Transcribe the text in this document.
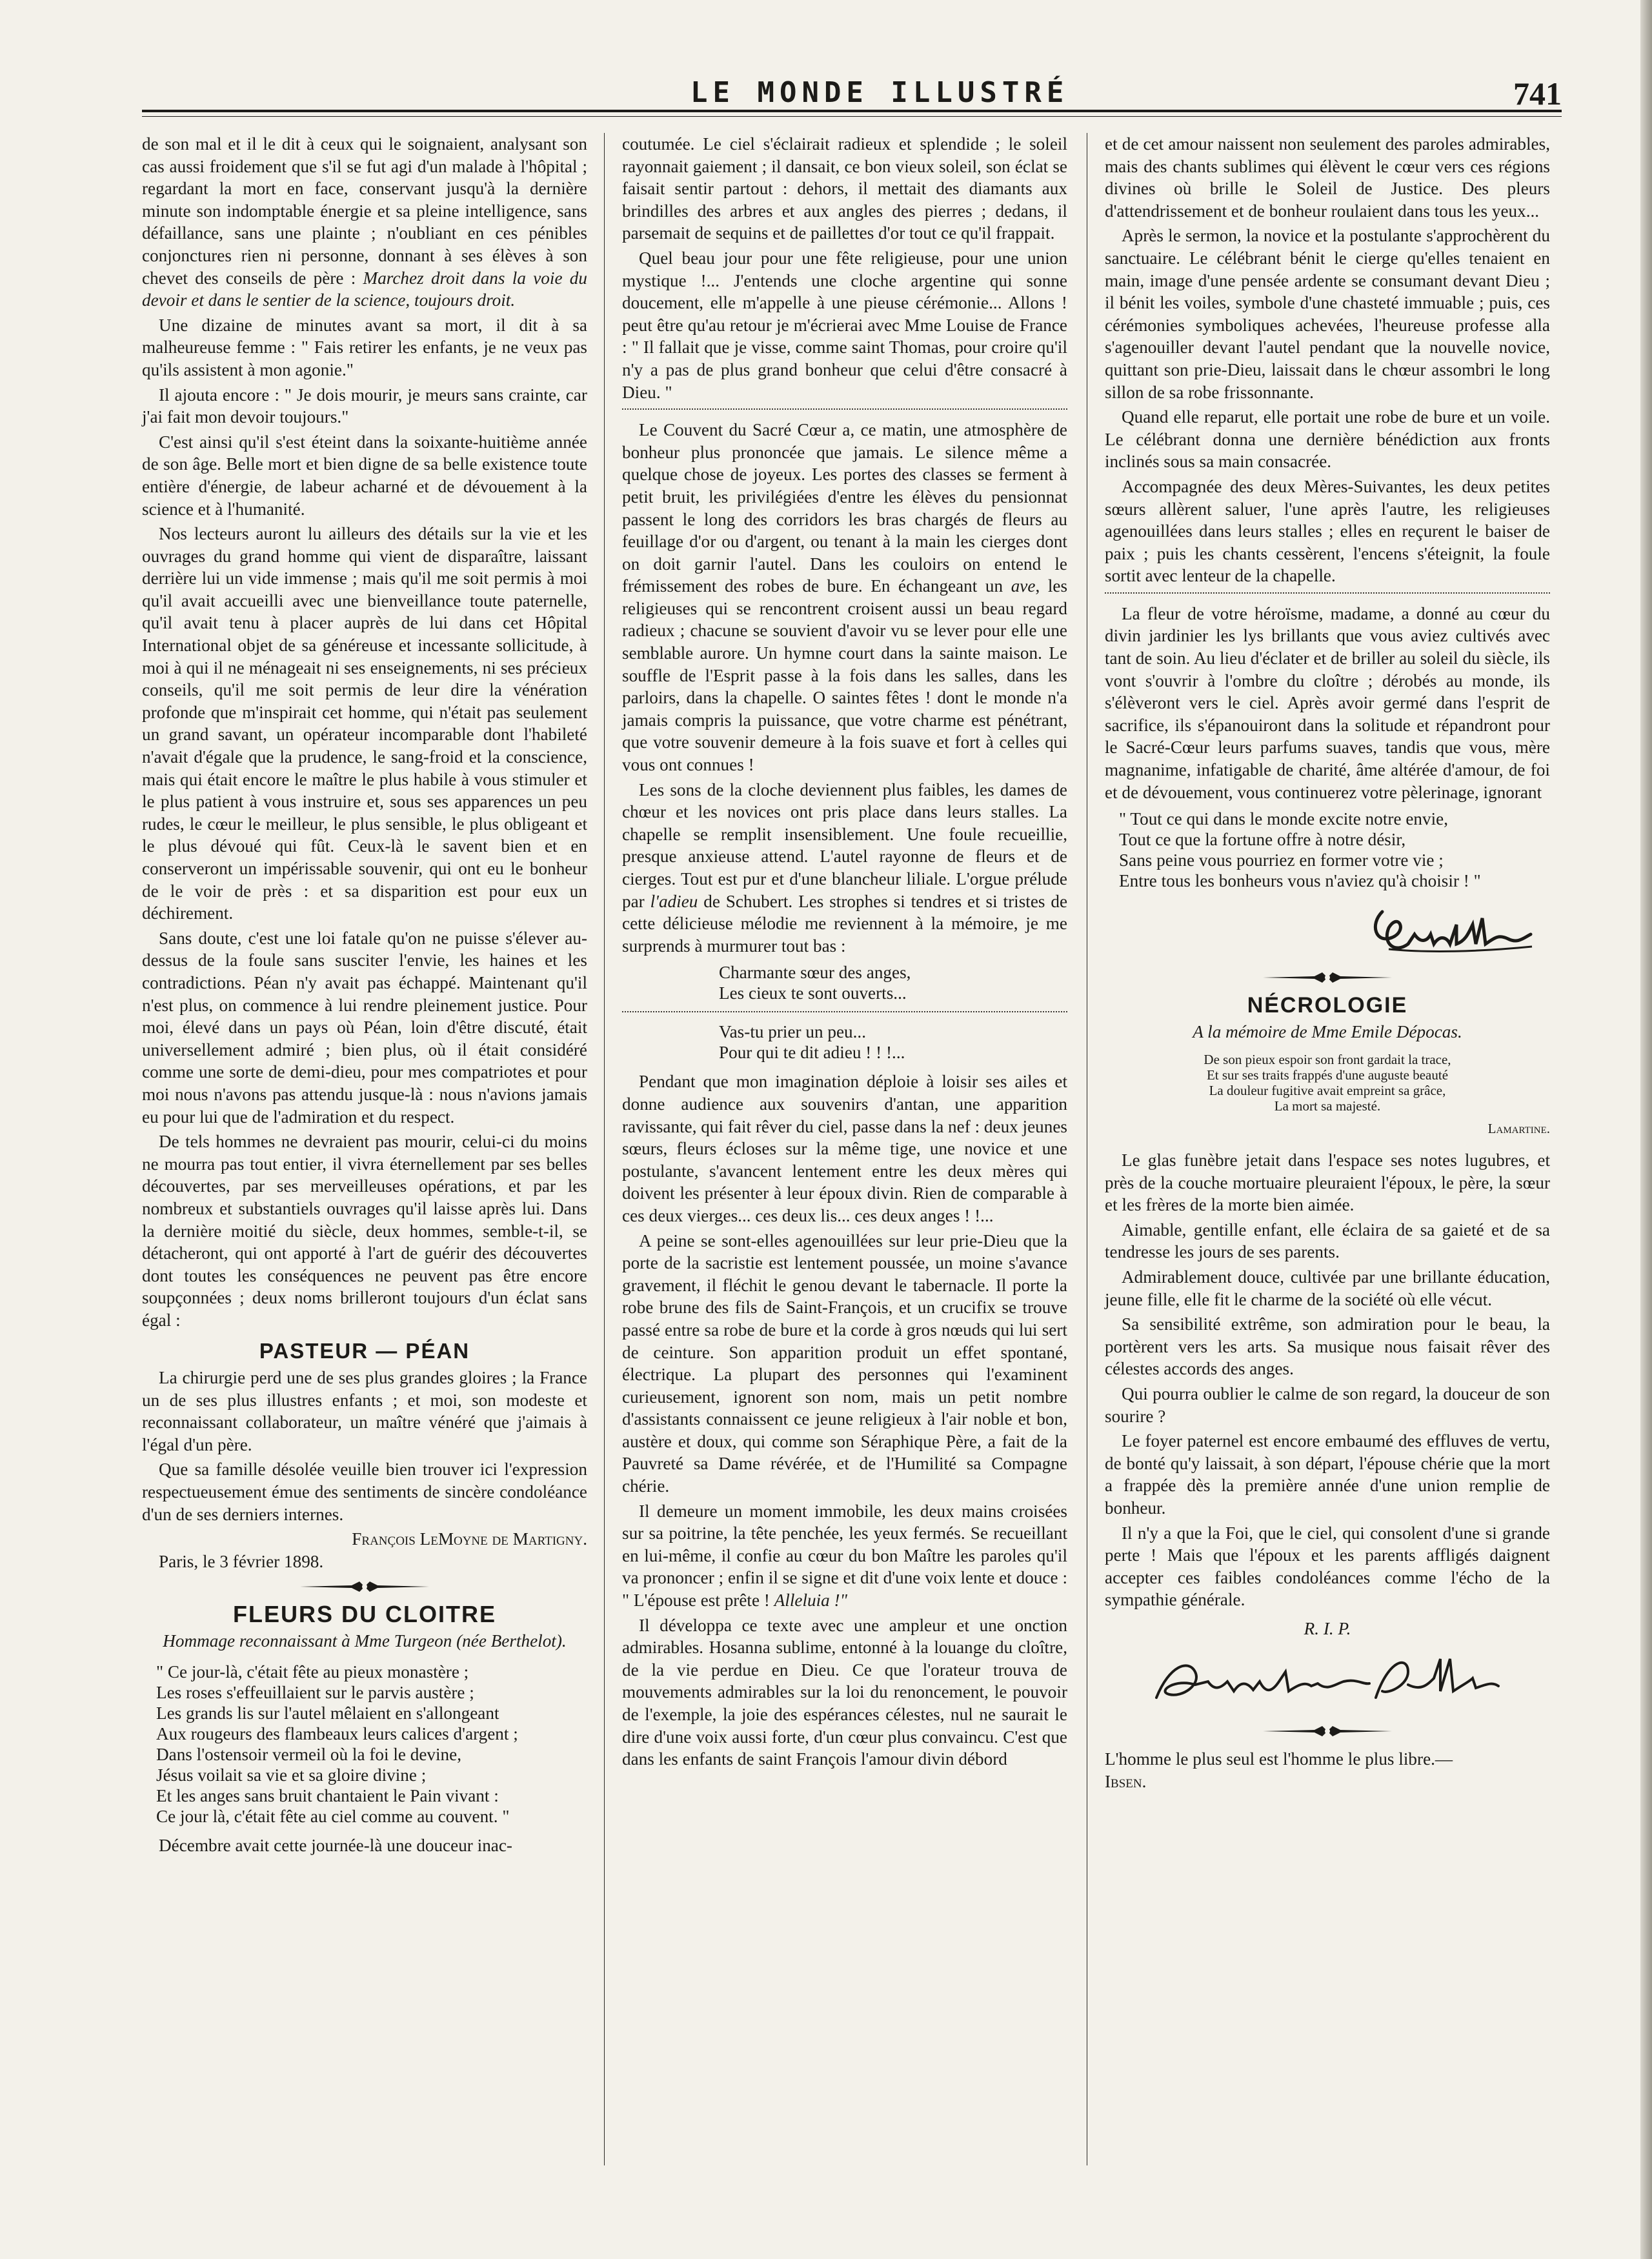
LE MONDE ILLUSTRÉ	741

de son mal et il le dit à ceux qui le soignaient, analysant son cas aussi froidement que s'il se fut agi d'un malade à l'hôpital ; regardant la mort en face, conservant jusqu'à la dernière minute son indomptable énergie et sa pleine intelligence, sans défaillance, sans une plainte ; n'oubliant en ces pénibles conjonctures rien ni personne, donnant à ses élèves à son chevet des conseils de père : Marchez droit dans la voie du devoir et dans le sentier de la science, toujours droit.

Une dizaine de minutes avant sa mort, il dit à sa malheureuse femme : " Fais retirer les enfants, je ne veux pas qu'ils assistent à mon agonie."

Il ajouta encore : " Je dois mourir, je meurs sans crainte, car j'ai fait mon devoir toujours."

C'est ainsi qu'il s'est éteint dans la soixante-huitième année de son âge. Belle mort et bien digne de sa belle existence toute entière d'énergie, de labeur acharné et de dévouement à la science et à l'humanité.

Nos lecteurs auront lu ailleurs des détails sur la vie et les ouvrages du grand homme qui vient de disparaître, laissant derrière lui un vide immense ; mais qu'il me soit permis à moi qu'il avait accueilli avec une bienveillance toute paternelle, qu'il avait tenu à placer auprès de lui dans cet Hôpital International objet de sa généreuse et incessante sollicitude, à moi à qui il ne ménageait ni ses enseignements, ni ses précieux conseils, qu'il me soit permis de leur dire la vénération profonde que m'inspirait cet homme, qui n'était pas seulement un grand savant, un opérateur incomparable dont l'habileté n'avait d'égale que la prudence, le sang-froid et la conscience, mais qui était encore le maître le plus habile à vous stimuler et le plus patient à vous instruire et, sous ses apparences un peu rudes, le cœur le meilleur, le plus sensible, le plus obligeant et le plus dévoué qui fût. Ceux-là le savent bien et en conserveront un impérissable souvenir, qui ont eu le bonheur de le voir de près : et sa disparition est pour eux un déchirement.

Sans doute, c'est une loi fatale qu'on ne puisse s'élever au-dessus de la foule sans susciter l'envie, les haines et les contradictions. Péan n'y avait pas échappé. Maintenant qu'il n'est plus, on commence à lui rendre pleinement justice. Pour moi, élevé dans un pays où Péan, loin d'être discuté, était universellement admiré ; bien plus, où il était considéré comme une sorte de demi-dieu, pour mes compatriotes et pour moi nous n'avons pas attendu jusque-là : nous n'avions jamais eu pour lui que de l'admiration et du respect.

De tels hommes ne devraient pas mourir, celui-ci du moins ne mourra pas tout entier, il vivra éternellement par ses belles découvertes, par ses merveilleuses opérations, et par les nombreux et substantiels ouvrages qu'il laisse après lui. Dans la dernière moitié du siècle, deux hommes, semble-t-il, se détacheront, qui ont apporté à l'art de guérir des découvertes dont toutes les conséquences ne peuvent pas être encore soupçonnées ; deux noms brilleront toujours d'un éclat sans égal :

PASTEUR — PÉAN

La chirurgie perd une de ses plus grandes gloires ; la France un de ses plus illustres enfants ; et moi, son modeste et reconnaissant collaborateur, un maître vénéré que j'aimais à l'égal d'un père.

Que sa famille désolée veuille bien trouver ici l'expression respectueusement émue des sentiments de sincère condoléance d'un de ses derniers internes.

François LeMoyne de Martigny.

Paris, le 3 février 1898.

FLEURS DU CLOITRE
Hommage reconnaissant à Mme Turgeon (née Berthelot).
" Ce jour-là, c'était fête au pieux monastère ;
Les roses s'effeuillaient sur le parvis austère ;
Les grands lis sur l'autel mêlaient en s'allongeant
Aux rougeurs des flambeaux leurs calices d'argent ;
Dans l'ostensoir vermeil où la foi le devine,
Jésus voilait sa vie et sa gloire divine ;
Et les anges sans bruit chantaient le Pain vivant :
Ce jour là, c'était fête au ciel comme au couvent. "

Décembre avait cette journée-là une douceur inac-

coutumée. Le ciel s'éclairait radieux et splendide ; le soleil rayonnait gaiement ; il dansait, ce bon vieux soleil, son éclat se faisait sentir partout : dehors, il mettait des diamants aux brindilles des arbres et aux angles des pierres ; dedans, il parsemait de sequins et de paillettes d'or tout ce qu'il frappait.

Quel beau jour pour une fête religieuse, pour une union mystique !... J'entends une cloche argentine qui sonne doucement, elle m'appelle à une pieuse cérémonie... Allons ! peut être qu'au retour je m'écrierai avec Mme Louise de France : " Il fallait que je visse, comme saint Thomas, pour croire qu'il n'y a pas de plus grand bonheur que celui d'être consacré à Dieu. "

Le Couvent du Sacré Cœur a, ce matin, une atmosphère de bonheur plus prononcée que jamais. Le silence même a quelque chose de joyeux. Les portes des classes se ferment à petit bruit, les privilégiées d'entre les élèves du pensionnat passent le long des corridors les bras chargés de fleurs au feuillage d'or ou d'argent, ou tenant à la main les cierges dont on doit garnir l'autel. Dans les couloirs on entend le frémissement des robes de bure. En échangeant un ave, les religieuses qui se rencontrent croisent aussi un beau regard radieux ; chacune se souvient d'avoir vu se lever pour elle une semblable aurore. Un hymne court dans la sainte maison. Le souffle de l'Esprit passe à la fois dans les salles, dans les parloirs, dans la chapelle. O saintes fêtes ! dont le monde n'a jamais compris la puissance, que votre charme est pénétrant, que votre souvenir demeure à la fois suave et fort à celles qui vous ont connues !

Les sons de la cloche deviennent plus faibles, les dames de chœur et les novices ont pris place dans leurs stalles. La chapelle se remplit insensiblement. Une foule recueillie, presque anxieuse attend. L'autel rayonne de fleurs et de cierges. Tout est pur et d'une blancheur liliale. L'orgue prélude par l'adieu de Schubert. Les strophes si tendres et si tristes de cette délicieuse mélodie me reviennent à la mémoire, je me surprends à murmurer tout bas :

Charmante sœur des anges,
Les cieux te sont ouverts...
Vas-tu prier un peu...
Pour qui te dit adieu ! ! !...

Pendant que mon imagination déploie à loisir ses ailes et donne audience aux souvenirs d'antan, une apparition ravissante, qui fait rêver du ciel, passe dans la nef : deux jeunes sœurs, fleurs écloses sur la même tige, une novice et une postulante, s'avancent lentement entre les deux mères qui doivent les présenter à leur époux divin. Rien de comparable à ces deux vierges... ces deux lis... ces deux anges ! !...

A peine se sont-elles agenouillées sur leur prie-Dieu que la porte de la sacristie est lentement poussée, un moine s'avance gravement, il fléchit le genou devant le tabernacle. Il porte la robe brune des fils de Saint-François, et un crucifix se trouve passé entre sa robe de bure et la corde à gros nœuds qui lui sert de ceinture. Son apparition produit un effet spontané, électrique. La plupart des personnes qui l'examinent curieusement, ignorent son nom, mais un petit nombre d'assistants connaissent ce jeune religieux à l'air noble et bon, austère et doux, qui comme son Séraphique Père, a fait de la Pauvreté sa Dame révérée, et de l'Humilité sa Compagne chérie.

Il demeure un moment immobile, les deux mains croisées sur sa poitrine, la tête penchée, les yeux fermés. Se recueillant en lui-même, il confie au cœur du bon Maître les paroles qu'il va prononcer ; enfin il se signe et dit d'une voix lente et douce : " L'épouse est prête ! Alleluia !"

Il développa ce texte avec une ampleur et une onction admirables. Hosanna sublime, entonné à la louange du cloître, de la vie perdue en Dieu. Ce que l'orateur trouva de mouvements admirables sur la loi du renoncement, le pouvoir de l'exemple, la joie des espérances célestes, nul ne saurait le dire d'une voix aussi forte, d'un cœur plus convaincu. C'est que dans les enfants de saint François l'amour divin débord

et de cet amour naissent non seulement des paroles admirables, mais des chants sublimes qui élèvent le cœur vers ces régions divines où brille le Soleil de Justice. Des pleurs d'attendrissement et de bonheur roulaient dans tous les yeux...

Après le sermon, la novice et la postulante s'approchèrent du sanctuaire. Le célébrant bénit le cierge qu'elles tenaient en main, image d'une pensée ardente se consumant devant Dieu ; il bénit les voiles, symbole d'une chasteté immuable ; puis, ces cérémonies symboliques achevées, l'heureuse professe alla s'agenouiller devant l'autel pendant que la nouvelle novice, quittant son prie-Dieu, laissait dans le chœur assombri le long sillon de sa robe frissonnante.

Quand elle reparut, elle portait une robe de bure et un voile. Le célébrant donna une dernière bénédiction aux fronts inclinés sous sa main consacrée.

Accompagnée des deux Mères-Suivantes, les deux petites sœurs allèrent saluer, l'une après l'autre, les religieuses agenouillées dans leurs stalles ; elles en reçurent le baiser de paix ; puis les chants cessèrent, l'encens s'éteignit, la foule sortit avec lenteur de la chapelle.

La fleur de votre héroïsme, madame, a donné au cœur du divin jardinier les lys brillants que vous aviez cultivés avec tant de soin. Au lieu d'éclater et de briller au soleil du siècle, ils vont s'ouvrir à l'ombre du cloître ; dérobés au monde, ils s'élèveront vers le ciel. Après avoir germé dans l'esprit de sacrifice, ils s'épanouiront dans la solitude et répandront pour le Sacré-Cœur leurs parfums suaves, tandis que vous, mère magnanime, infatigable de charité, âme altérée d'amour, de foi et de dévouement, vous continuerez votre pèlerinage, ignorant

" Tout ce qui dans le monde excite notre envie,
Tout ce que la fortune offre à notre désir,
Sans peine vous pourriez en former votre vie ;
Entre tous les bonheurs vous n'aviez qu'à choisir ! "
NÉCROLOGIE
A la mémoire de Mme Emile Dépocas.
De son pieux espoir son front gardait la trace,
Et sur ses traits frappés d'une auguste beauté
La douleur fugitive avait empreint sa grâce,
La mort sa majesté.
Lamartine.

Le glas funèbre jetait dans l'espace ses notes lugubres, et près de la couche mortuaire pleuraient l'époux, le père, la sœur et les frères de la morte bien aimée.

Aimable, gentille enfant, elle éclaira de sa gaieté et de sa tendresse les jours de ses parents.

Admirablement douce, cultivée par une brillante éducation, jeune fille, elle fit le charme de la société où elle vécut.

Sa sensibilité extrême, son admiration pour le beau, la portèrent vers les arts. Sa musique nous faisait rêver des célestes accords des anges.

Qui pourra oublier le calme de son regard, la douceur de son sourire ?

Le foyer paternel est encore embaumé des effluves de vertu, de bonté qu'y laissait, à son départ, l'épouse chérie que la mort a frappée dès la première année d'une union remplie de bonheur.

Il n'y a que la Foi, que le ciel, qui consolent d'une si grande perte ! Mais que l'époux et les parents affligés daignent accepter ces faibles condoléances comme l'écho de la sympathie générale.

R. I. P.

L'homme le plus seul est l'homme le plus libre.—
Ibsen.
